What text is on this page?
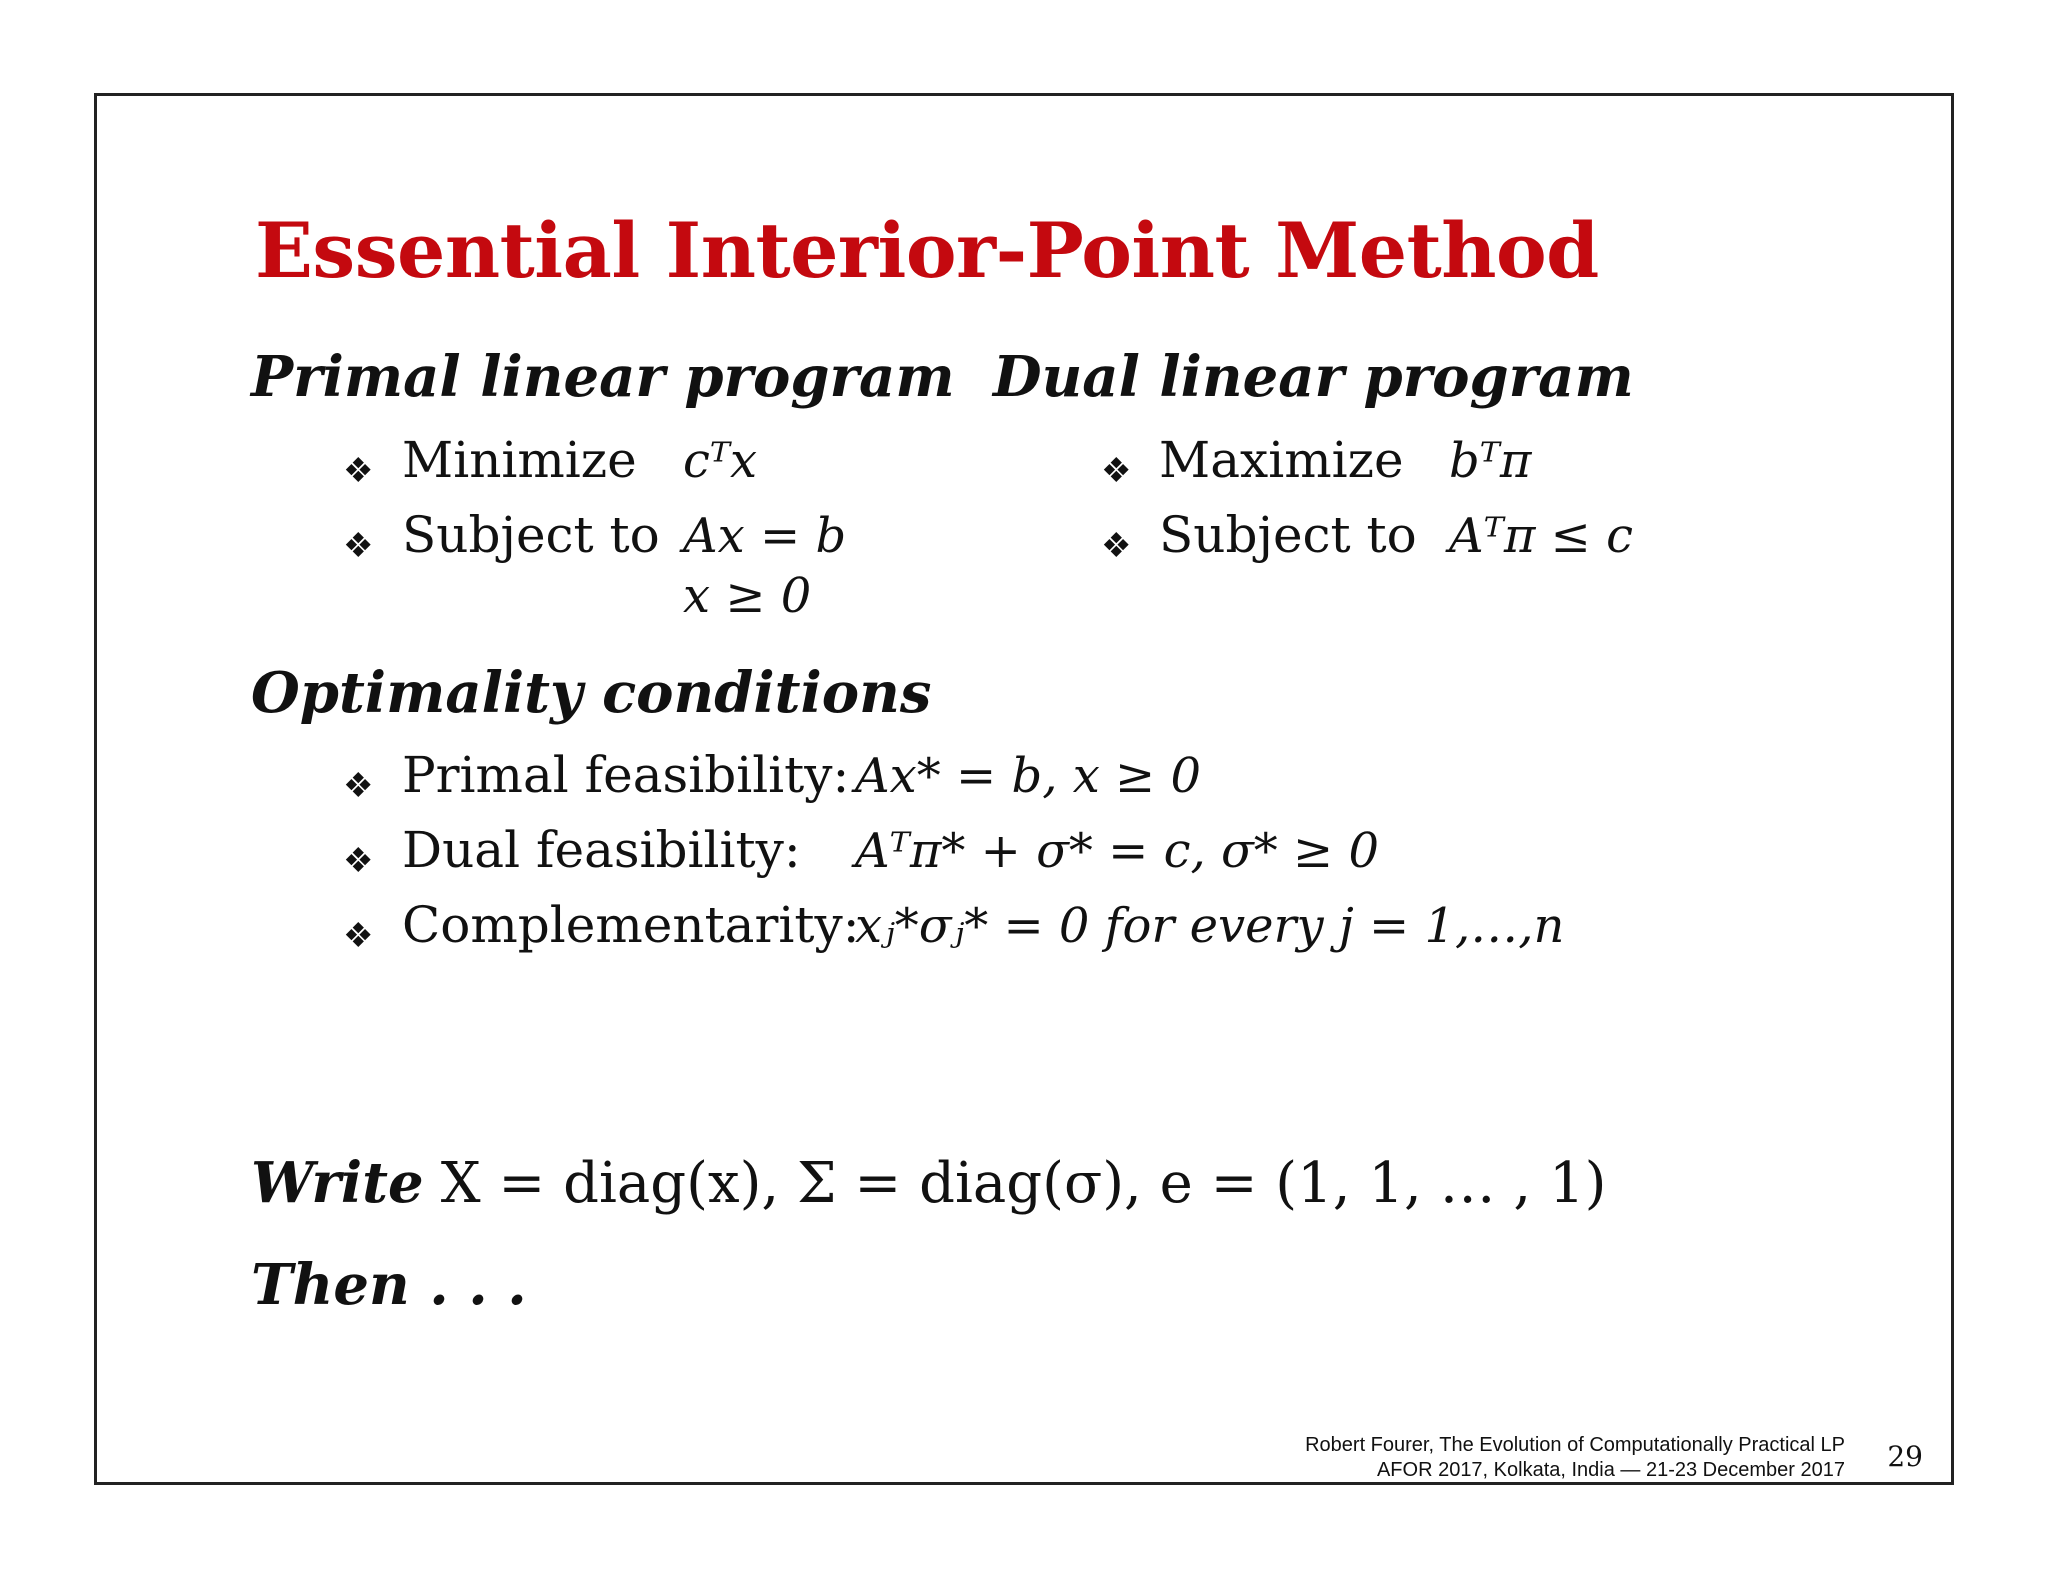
Essential Interior-Point Method
Primal linear program
❖ Minimize cᵀx
❖ Subject to Ax = b
x ≥ 0
Dual linear program
❖ Maximize bᵀπ
❖ Subject to Aᵀπ ≤ c
Optimality conditions
❖ Primal feasibility: Ax* = b, x ≥ 0
❖ Dual feasibility: Aᵀπ* + σ* = c, σ* ≥ 0
❖ Complementarity:
xⱼ*σⱼ* = 0 for every j = 1,…,n
Write X = diag(x), Σ = diag(σ), e = (1, 1, … , 1)
Then . . .
Robert Fourer, The Evolution of Computationally Practical LP
AFOR 2017, Kolkata, India — 21-23 December 2017 29
